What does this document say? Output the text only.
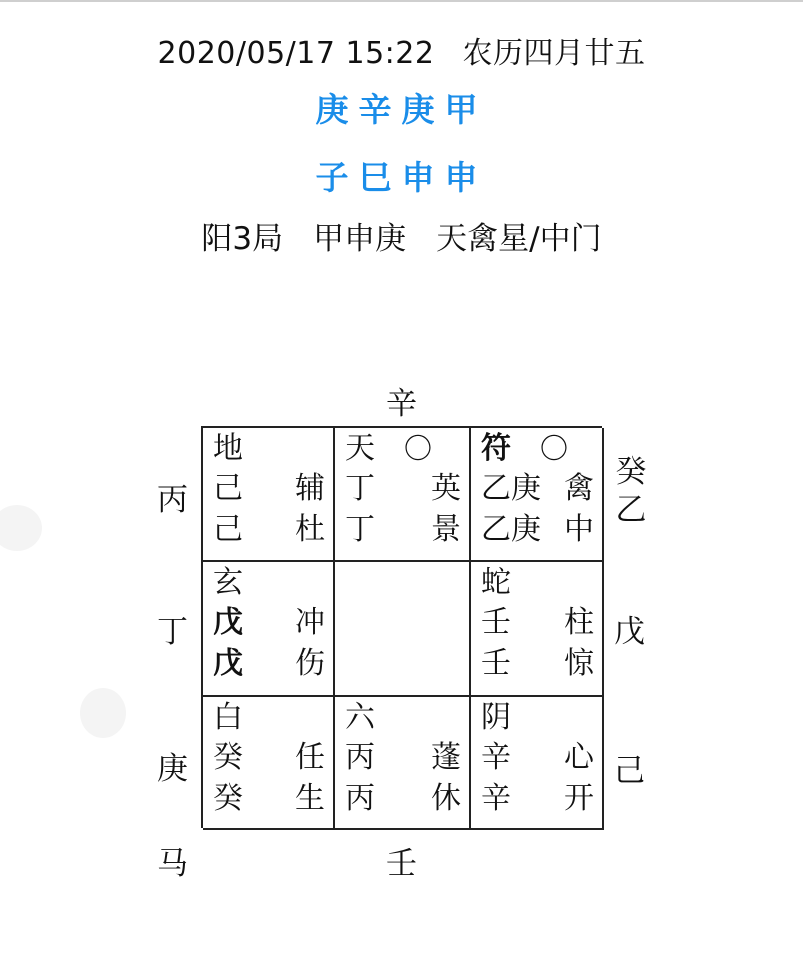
2020/05/17 15:22 农历四月廿五
庚辛庚甲
子巳申申
阳3局 甲申庚 天禽星/中门
辛
壬
丙
丁
庚
癸
乙
戊
己
马
地
己 辅
己 杜
天 〇
丁 英
丁 景
符 〇
乙庚 禽
乙庚 中
玄
戊 冲
戊 伤
蛇
壬 柱
壬 惊
白
癸 任
癸 生
六
丙 蓬
丙 休
阴
辛 心
辛 开
